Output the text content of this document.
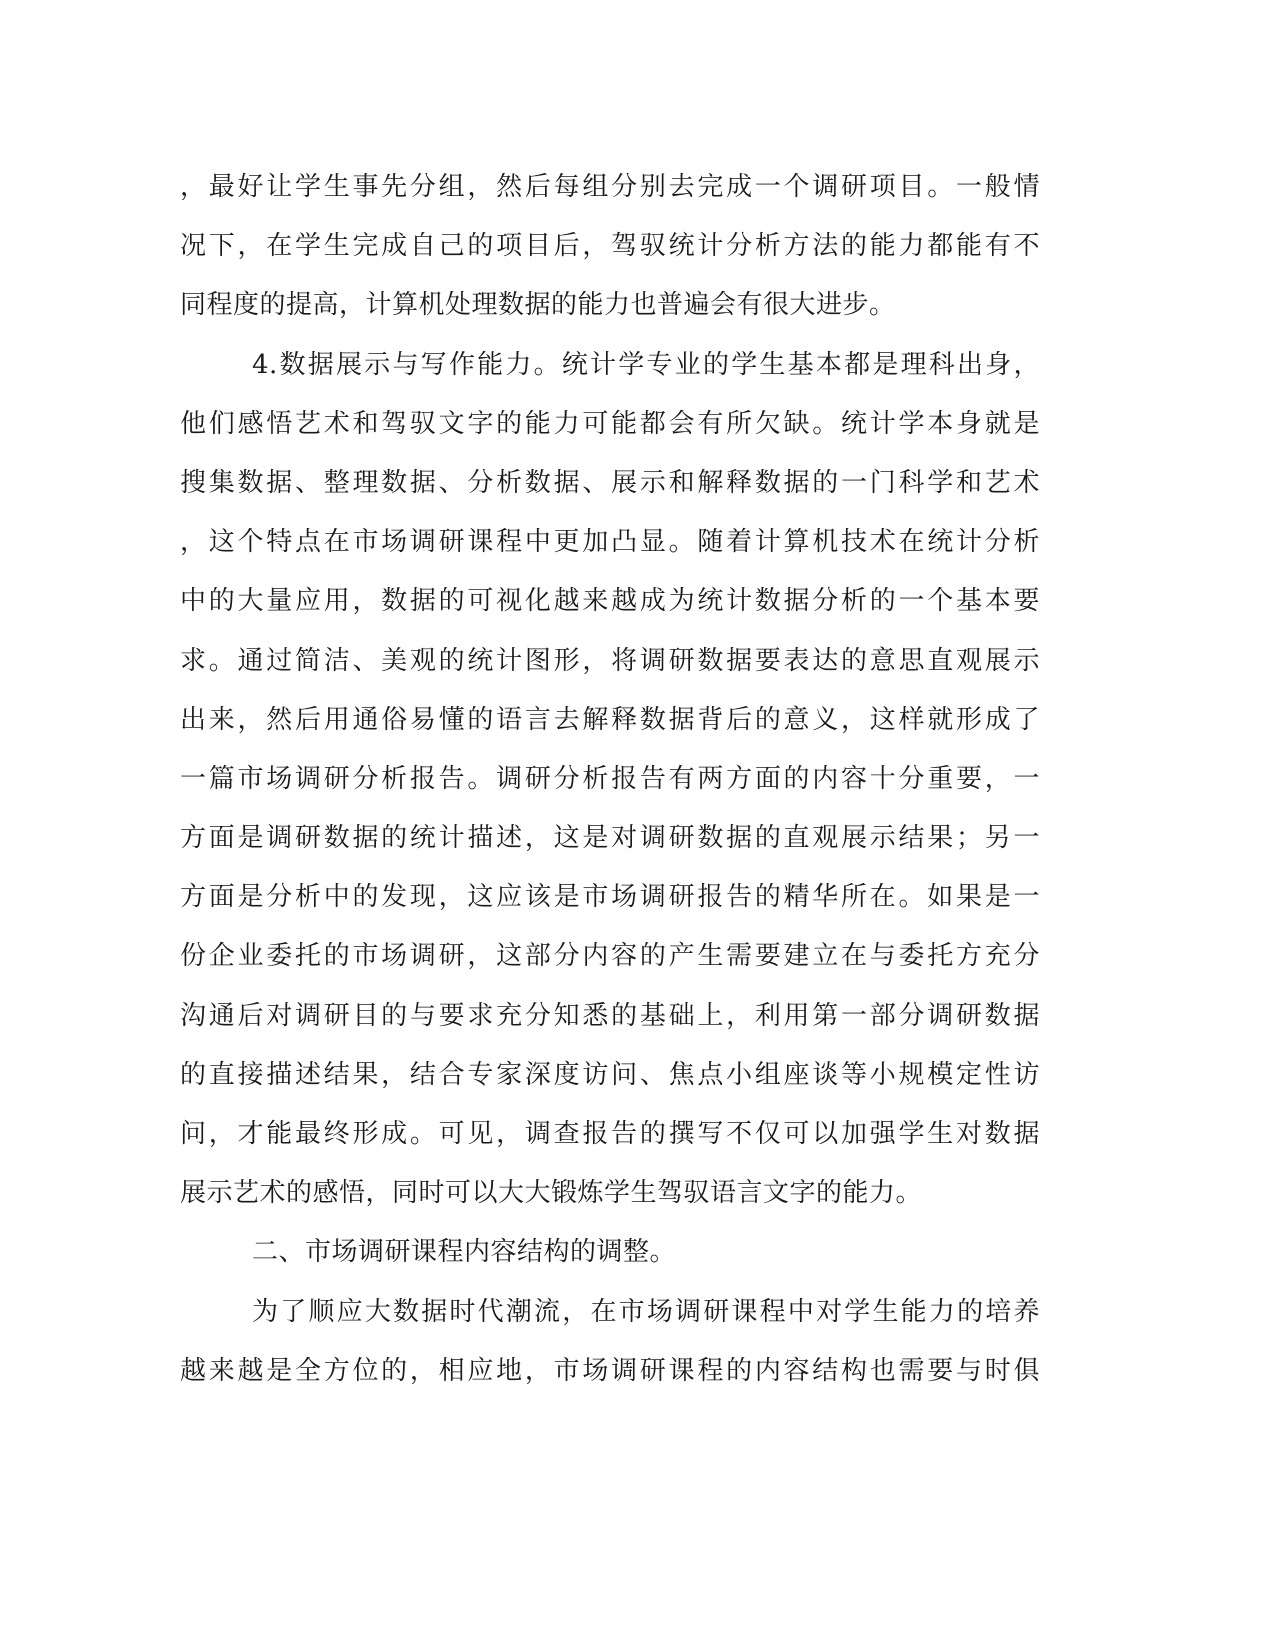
，最好让学生事先分组，然后每组分别去完成一个调研项目。一般情
况下，在学生完成自己的项目后，驾驭统计分析方法的能力都能有不
同程度的提高，计算机处理数据的能力也普遍会有很大进步。
4.数据展示与写作能力。统计学专业的学生基本都是理科出身，
他们感悟艺术和驾驭文字的能力可能都会有所欠缺。统计学本身就是
搜集数据、整理数据、分析数据、展示和解释数据的一门科学和艺术
，这个特点在市场调研课程中更加凸显。随着计算机技术在统计分析
中的大量应用，数据的可视化越来越成为统计数据分析的一个基本要
求。通过简洁、美观的统计图形，将调研数据要表达的意思直观展示
出来，然后用通俗易懂的语言去解释数据背后的意义，这样就形成了
一篇市场调研分析报告。调研分析报告有两方面的内容十分重要，一
方面是调研数据的统计描述，这是对调研数据的直观展示结果；另一
方面是分析中的发现，这应该是市场调研报告的精华所在。如果是一
份企业委托的市场调研，这部分内容的产生需要建立在与委托方充分
沟通后对调研目的与要求充分知悉的基础上，利用第一部分调研数据
的直接描述结果，结合专家深度访问、焦点小组座谈等小规模定性访
问，才能最终形成。可见，调查报告的撰写不仅可以加强学生对数据
展示艺术的感悟，同时可以大大锻炼学生驾驭语言文字的能力。
二、市场调研课程内容结构的调整。
为了顺应大数据时代潮流，在市场调研课程中对学生能力的培养
越来越是全方位的，相应地，市场调研课程的内容结构也需要与时俱
